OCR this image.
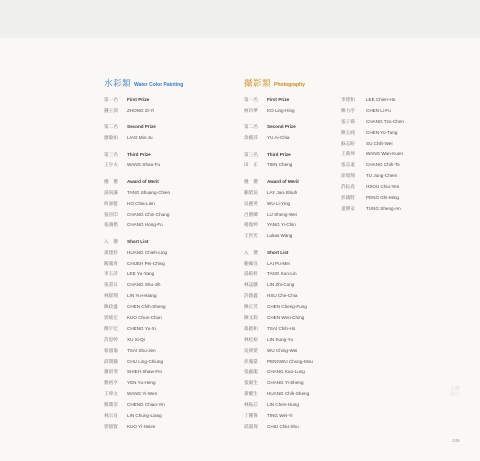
水彩類 Water Color Painting	攝影類 Photography
第一名 First Prize
鍾子訓 ZHONG Zi-Yi
第二名 Second Prize
廖敏如 LIAO Min-Ju
第三名 Third Prize
王少夫 WANG Shao-Fu
優　選 Award of Merit
湯尚謙 TANG Shuang-Chien
何嘉藍 HO Chia-Lien
張晉印 CHANG Chin-Chung
張鴻楷 CHANG Hong-Fu
入　選 Short List
黃建鈴 HUANG Chieh-Ling
闕鳳青 CHUEH Pei-Ching
李玉萍 LEE Yu-Yang
張書日 CHANG Shu-Jih
林郁翔 LIN Yu-Hsiang
陳政盛 CHEN Chih-Sheng
郭純宏 KUO Chun-Chun
鄭宇宏 CHENG Yu-Xi
許思婷 XU Si-Qi
蔡淑瑜 TSAI Shu-Jen
邱閔鐘 CHU Ling-Chiung
謝紹斐 SHIEH Shaw-Fei
顏裕亨 YEN Yu-Heng
王瑋文 WANG Yi-Wen
鄭喬菲 CHENG Chiao-Yin
林宗良 LIN Chung-Liang
郭憶賢 KUO Yi-Hsien
第一名 First Prize
柯玲夢 KO Ling-Hing
第二名 Second Prize
余藝萍 YU Ai-Chia
第三名 Third Prize
田　正 TIEN Cheng
優　選 Award of Merit
賴昭瑄 LAY Jao-Shiuh
吳麗英 WU Li-Ying
呂勝卿 LU Sheng-Wei
楊逸婷 YANG Yi-Chin
王世光 Lukas Wang
入　選 Short List
賴佩宣 LAI Pu-Mei
湯暄軒 TANG Kun-Lin
林誌騰 LIN Zhi-Cong
許銘鑫 HSU Che-Chia
陳正芳 CHEN Cheng-Fung
陳文鈞 CHEN Wen-Ching
蔡啟和 TSAI Chih-Ho
林松裕 LIN Sung-Yu
吳偉榮 WU Ching-Wei
彭鳳棠 PENGWU Chung-Mou
張龐龍 CHANG Kuo-Lung
張毅生 CHANG Yi-Sheng
黃權生 HUANG Chih-Sheng
林振芯 LIN Chen-Hung
丁獲偉 TING Wei-Yi
邱淑琛 CHIU Chiu-Shu
李建和 LEE Chien-Ho
陳力序 CHEN Li-Fu
張子揚 CHANG Tzu-Chen
陳玉純 CHEN Yu-Tung
蘇志盼 SU Chih-Wei
王萬坤 WANG Wan-Kuen
張志遠 CHANG Chih-To
涂瑞翔 TU Jung-Chern
許耘堯 HSOU Chiu-Yen
彭國將 PENG Ghi-Ming
童勝安 TUNG Sheng-An
主辦
單位
249
